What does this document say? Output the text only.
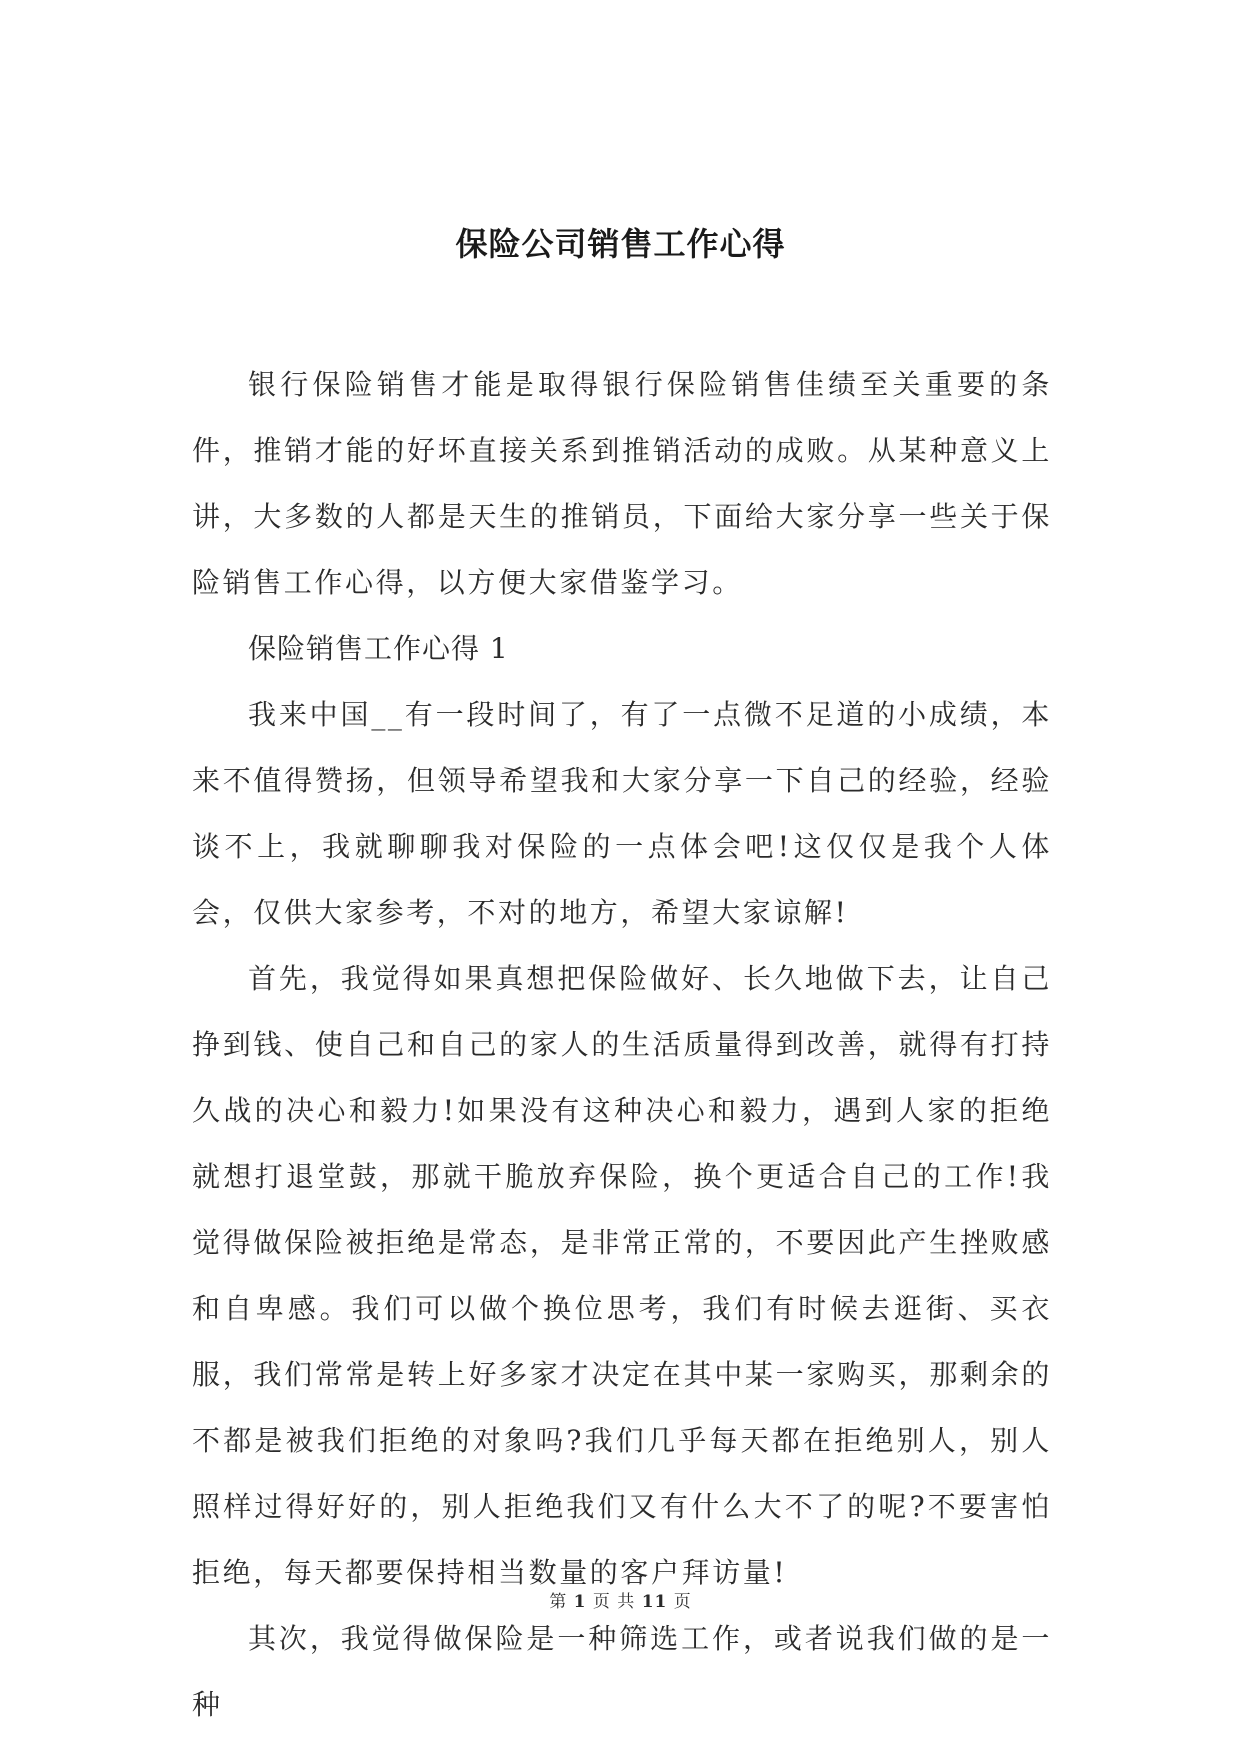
保险公司销售工作心得

银行保险销售才能是取得银行保险销售佳绩至关重要的条件，推销才能的好坏直接关系到推销活动的成败。从某种意义上讲，大多数的人都是天生的推销员，下面给大家分享一些关于保险销售工作心得，以方便大家借鉴学习。

保险销售工作心得 1

我来中国__有一段时间了，有了一点微不足道的小成绩，本来不值得赞扬，但领导希望我和大家分享一下自己的经验，经验谈不上，我就聊聊我对保险的一点体会吧!这仅仅是我个人体会，仅供大家参考，不对的地方，希望大家谅解!

首先，我觉得如果真想把保险做好、长久地做下去，让自己挣到钱、使自己和自己的家人的生活质量得到改善，就得有打持久战的决心和毅力!如果没有这种决心和毅力，遇到人家的拒绝就想打退堂鼓，那就干脆放弃保险，换个更适合自己的工作!我觉得做保险被拒绝是常态，是非常正常的，不要因此产生挫败感和自卑感。我们可以做个换位思考，我们有时候去逛街、买衣服，我们常常是转上好多家才决定在其中某一家购买，那剩余的不都是被我们拒绝的对象吗?我们几乎每天都在拒绝别人，别人照样过得好好的，别人拒绝我们又有什么大不了的呢?不要害怕拒绝，每天都要保持相当数量的客户拜访量!

其次，我觉得做保险是一种筛选工作，或者说我们做的是一种

第 1 页 共 11 页
